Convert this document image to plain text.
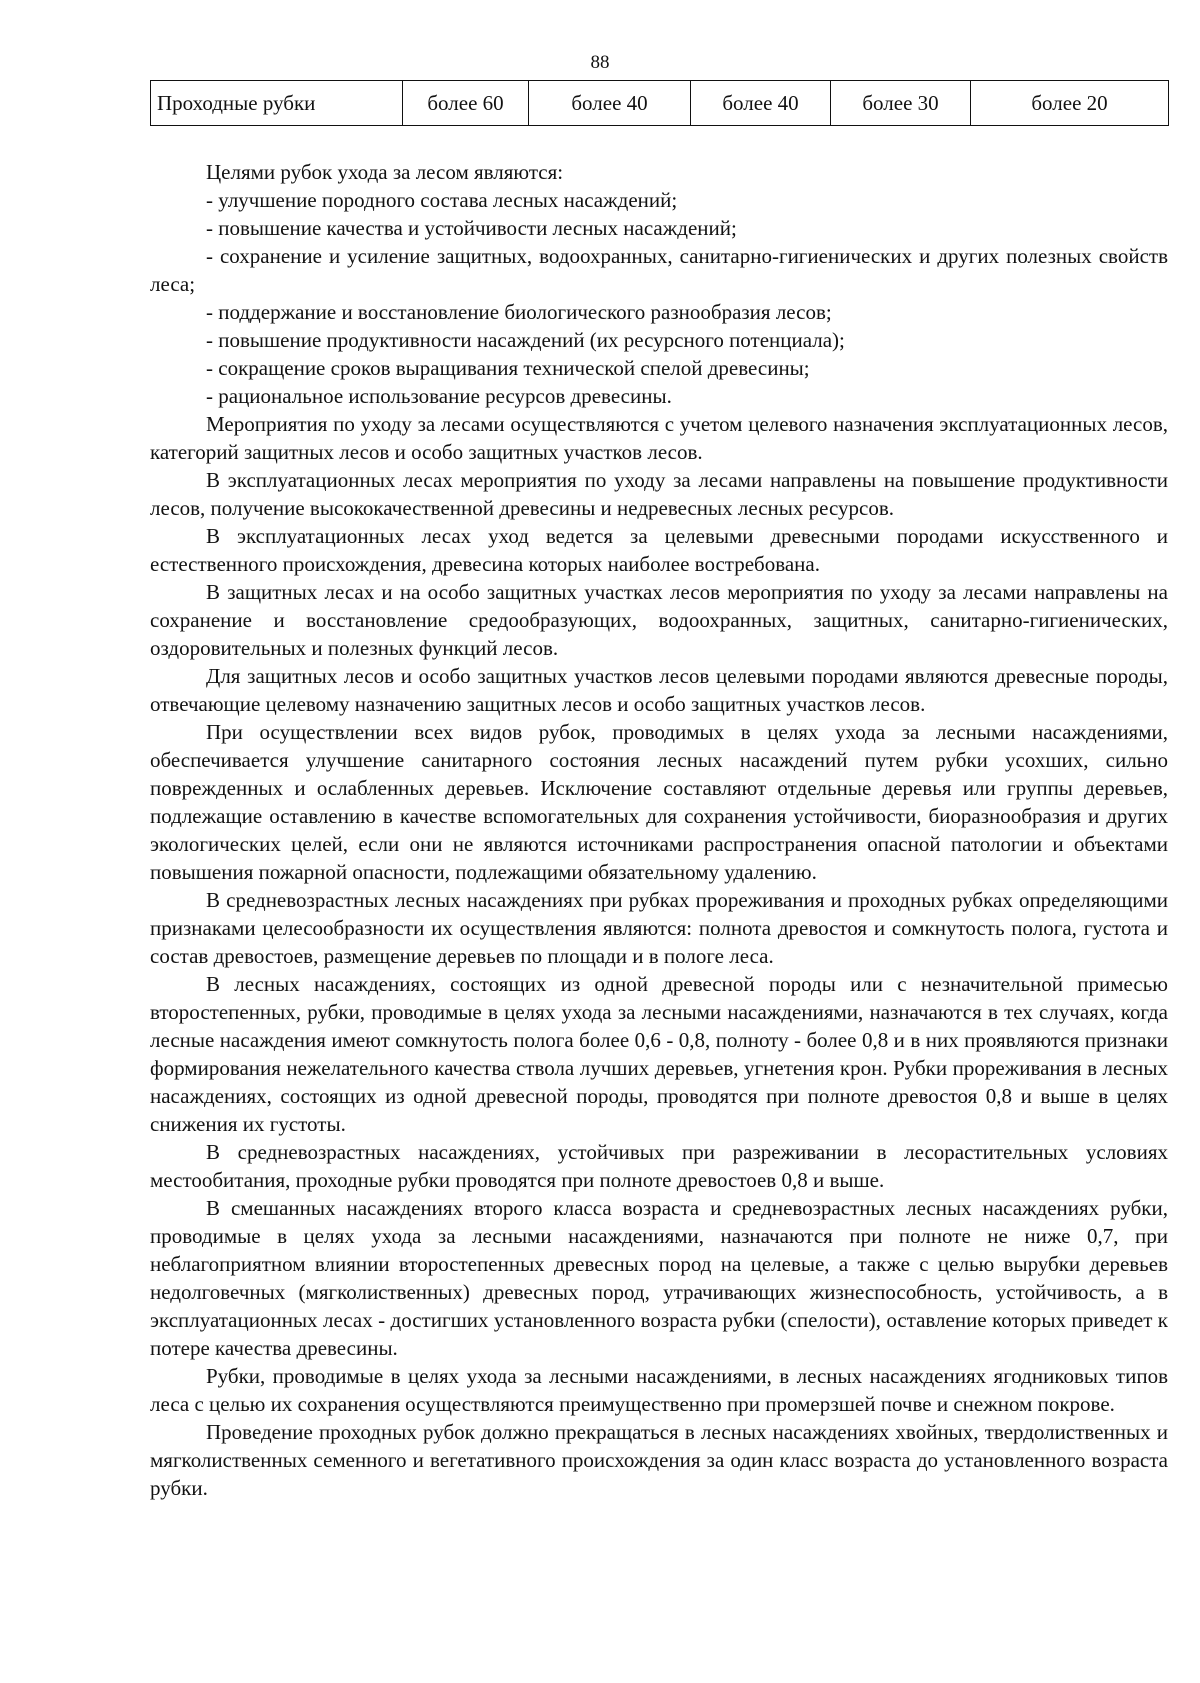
88
Проходные рубки	более 60	более 40	более 40	более 30	более 20

Целями рубок ухода за лесом являются:

- улучшение породного состава лесных насаждений;

- повышение качества и устойчивости лесных насаждений;

- сохранение и усиление защитных, водоохранных, санитарно-гигиенических и других полезных свойств леса;

- поддержание и восстановление биологического разнообразия лесов;

- повышение продуктивности насаждений (их ресурсного потенциала);

- сокращение сроков выращивания технической спелой древесины;

- рациональное использование ресурсов древесины.

Мероприятия по уходу за лесами осуществляются с учетом целевого назначения эксплуатационных лесов, категорий защитных лесов и особо защитных участков лесов.

В эксплуатационных лесах мероприятия по уходу за лесами направлены на повышение продуктивности лесов, получение высококачественной древесины и недревесных лесных ресурсов.

В эксплуатационных лесах уход ведется за целевыми древесными породами искусственного и естественного происхождения, древесина которых наиболее востребована.

В защитных лесах и на особо защитных участках лесов мероприятия по уходу за лесами направлены на сохранение и восстановление средообразующих, водоохранных, защитных, санитарно-гигиенических, оздоровительных и полезных функций лесов.

Для защитных лесов и особо защитных участков лесов целевыми породами являются древесные породы, отвечающие целевому назначению защитных лесов и особо защитных участков лесов.

При осуществлении всех видов рубок, проводимых в целях ухода за лесными насаждениями, обеспечивается улучшение санитарного состояния лесных насаждений путем рубки усохших, сильно поврежденных и ослабленных деревьев. Исключение составляют отдельные деревья или группы деревьев, подлежащие оставлению в качестве вспомогательных для сохранения устойчивости, биоразнообразия и других экологических целей, если они не являются источниками распространения опасной патологии и объектами повышения пожарной опасности, подлежащими обязательному удалению.

В средневозрастных лесных насаждениях при рубках прореживания и проходных рубках определяющими признаками целесообразности их осуществления являются: полнота древостоя и сомкнутость полога, густота и состав древостоев, размещение деревьев по площади и в пологе леса.

В лесных насаждениях, состоящих из одной древесной породы или с незначительной примесью второстепенных, рубки, проводимые в целях ухода за лесными насаждениями, назначаются в тех случаях, когда лесные насаждения имеют сомкнутость полога более 0,6 - 0,8, полноту - более 0,8 и в них проявляются признаки формирования нежелательного качества ствола лучших деревьев, угнетения крон. Рубки прореживания в лесных насаждениях, состоящих из одной древесной породы, проводятся при полноте древостоя 0,8 и выше в целях снижения их густоты.

В средневозрастных насаждениях, устойчивых при разреживании в лесорастительных условиях местообитания, проходные рубки проводятся при полноте древостоев 0,8 и выше.

В смешанных насаждениях второго класса возраста и средневозрастных лесных насаждениях рубки, проводимые в целях ухода за лесными насаждениями, назначаются при полноте не ниже 0,7, при неблагоприятном влиянии второстепенных древесных пород на целевые, а также с целью вырубки деревьев недолговечных (мягколиственных) древесных пород, утрачивающих жизнеспособность, устойчивость, а в эксплуатационных лесах - достигших установленного возраста рубки (спелости), оставление которых приведет к потере качества древесины.

Рубки, проводимые в целях ухода за лесными насаждениями, в лесных насаждениях ягодниковых типов леса с целью их сохранения осуществляются преимущественно при промерзшей почве и снежном покрове.

Проведение проходных рубок должно прекращаться в лесных насаждениях хвойных, твердолиственных и мягколиственных семенного и вегетативного происхождения за один класс возраста до установленного возраста рубки.
